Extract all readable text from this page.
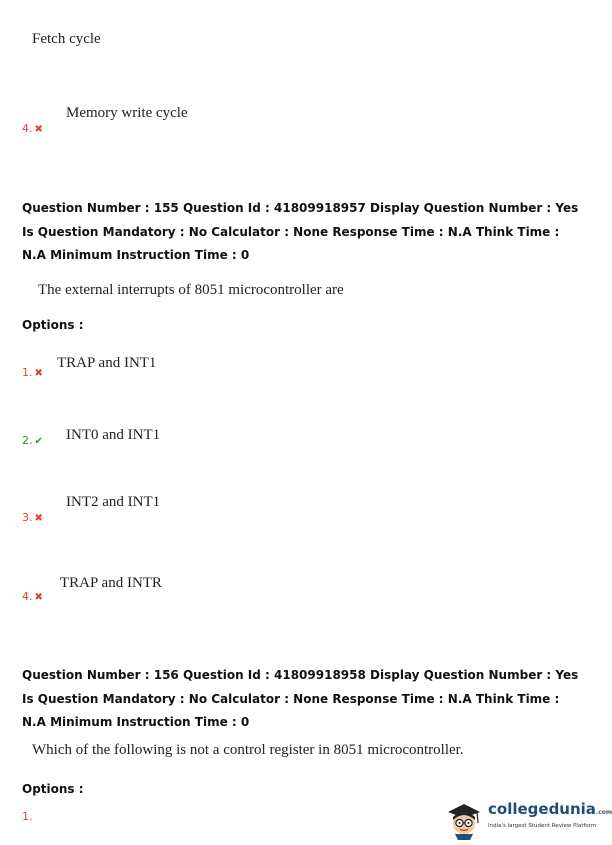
Fetch cycle
4. ✖
Memory write cycle
Question Number : 155 Question Id : 41809918957 Display Question Number : Yes Is Question Mandatory : No Calculator : None Response Time : N.A Think Time : N.A Minimum Instruction Time : 0
The external interrupts of 8051 microcontroller are
Options :
1. ✖
TRAP and INT1
2. ✔ INT0 and INT1
3. ✖
INT2 and INT1
4. ✖
TRAP and INTR
Question Number : 156 Question Id : 41809918958 Display Question Number : Yes Is Question Mandatory : No Calculator : None Response Time : N.A Think Time : N.A Minimum Instruction Time : 0
Which of the following is not a control register in 8051 microcontroller.
Options :
1.	collegedunia.com
India's largest Student Review Platform
